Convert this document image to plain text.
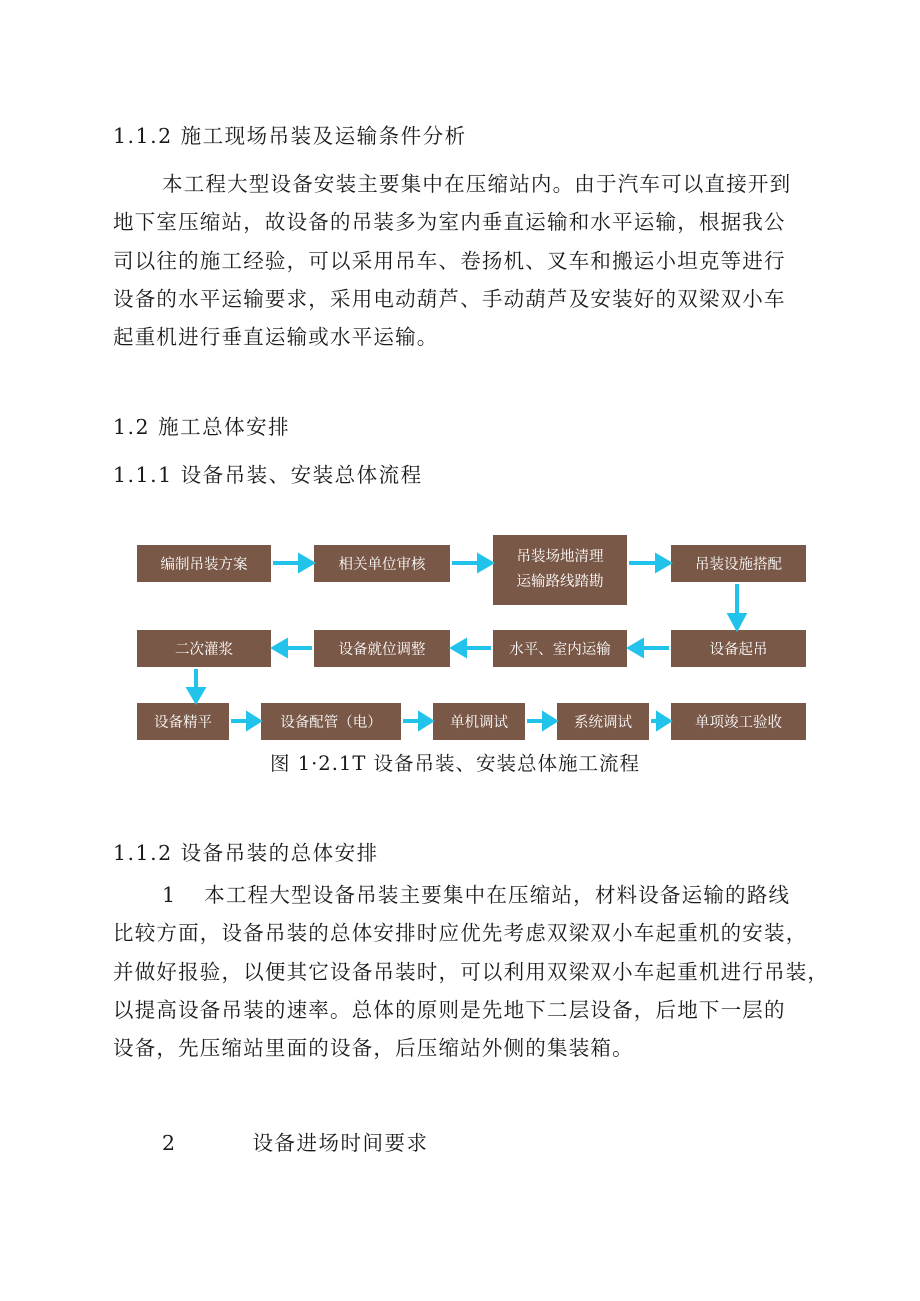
1.1.2 施工现场吊装及运输条件分析
本工程大型设备安装主要集中在压缩站内。由于汽车可以直接开到
地下室压缩站，故设备的吊装多为室内垂直运输和水平运输，根据我公
司以往的施工经验，可以采用吊车、卷扬机、叉车和搬运小坦克等进行
设备的水平运输要求，采用电动葫芦、手动葫芦及安装好的双梁双小车
起重机进行垂直运输或水平运输。
1.2 施工总体安排
1.1.1 设备吊装、安装总体流程
编制吊装方案	相关单位审核	吊装场地清理
运输路线踏勘
吊装设施搭配
二次灌浆	设备就位调整	水平、室内运输	设备起吊
设备精平	设备配管（电）	单机调试	系统调试	单项竣工验收
图 1·2.1T 设备吊装、安装总体施工流程
1.1.2 设备吊装的总体安排
1 本工程大型设备吊装主要集中在压缩站，材料设备运输的路线
比较方面，设备吊装的总体安排时应优先考虑双梁双小车起重机的安装，
并做好报验，以便其它设备吊装时，可以利用双梁双小车起重机进行吊装，
以提高设备吊装的速率。总体的原则是先地下二层设备，后地下一层的
设备，先压缩站里面的设备，后压缩站外侧的集装箱。
2	设备进场时间要求
